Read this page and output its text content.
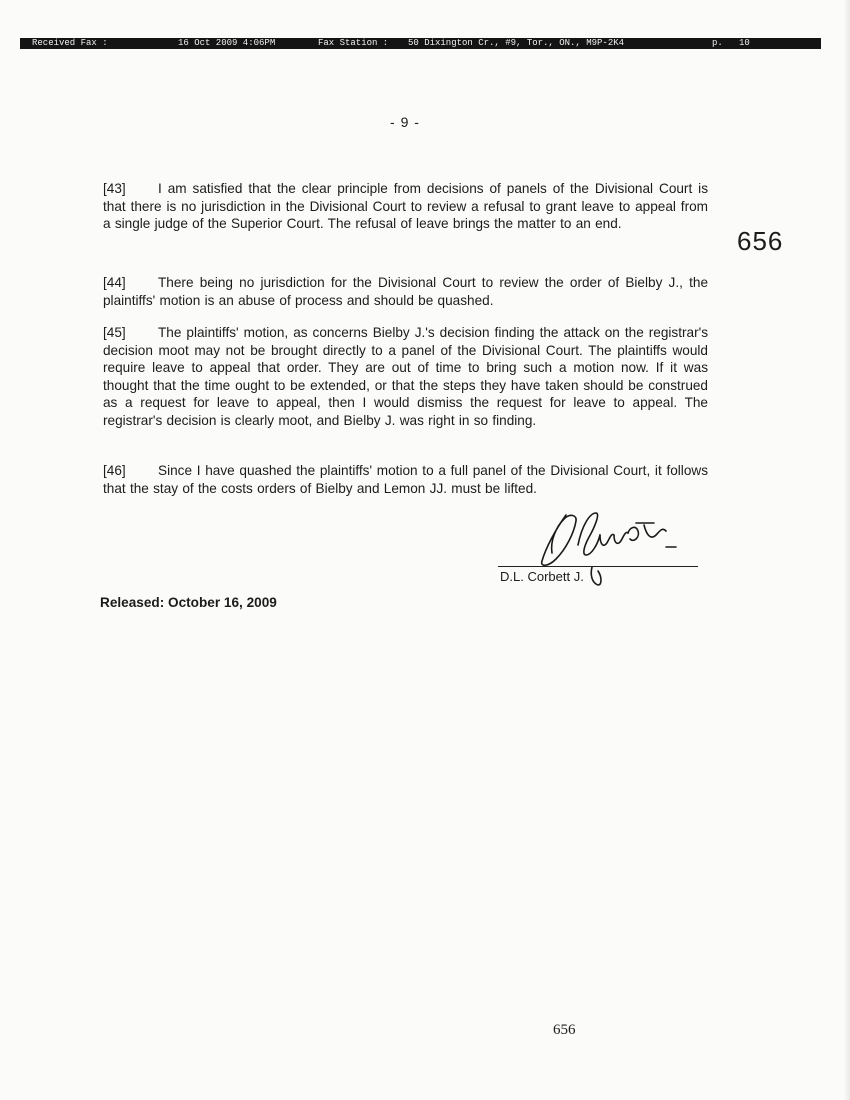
Received Fax :	16 Oct 2009 4:06PM	Fax Station : 50 Dixington Cr., #9, Tor., ON., M9P-2K4	p. 10
- 9 -
656
[43] I am satisfied that the clear principle from decisions of panels of the Divisional Court is that there is no jurisdiction in the Divisional Court to review a refusal to grant leave to appeal from a single judge of the Superior Court. The refusal of leave brings the matter to an end.
[44] There being no jurisdiction for the Divisional Court to review the order of Bielby J., the plaintiffs' motion is an abuse of process and should be quashed.
[45] The plaintiffs' motion, as concerns Bielby J.'s decision finding the attack on the registrar's decision moot may not be brought directly to a panel of the Divisional Court. The plaintiffs would require leave to appeal that order. They are out of time to bring such a motion now. If it was thought that the time ought to be extended, or that the steps they have taken should be construed as a request for leave to appeal, then I would dismiss the request for leave to appeal. The registrar's decision is clearly moot, and Bielby J. was right in so finding.
[46] Since I have quashed the plaintiffs' motion to a full panel of the Divisional Court, it follows that the stay of the costs orders of Bielby and Lemon JJ. must be lifted.
D.L. Corbett J.
Released: October 16, 2009
656
